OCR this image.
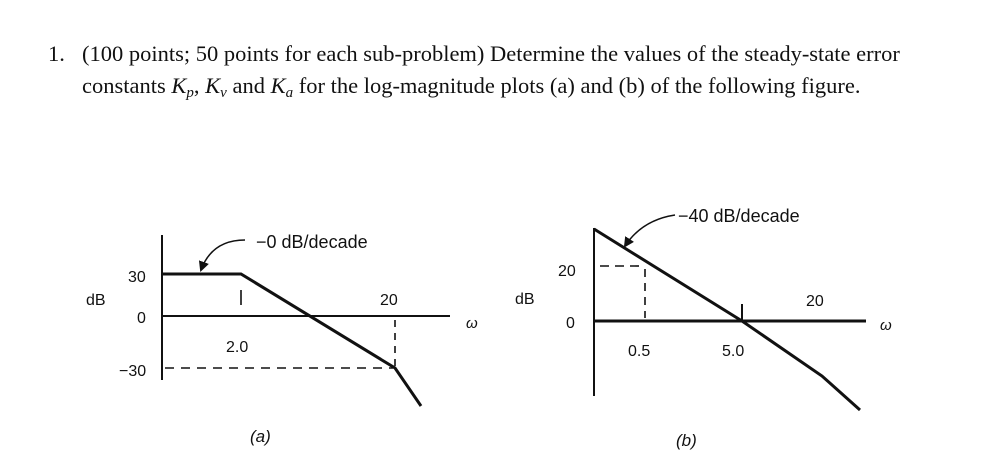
1. (100 points; 50 points for each sub-problem) Determine the values of the steady-state error constants $K_p$, $K_v$ and $K_a$ for the log-magnitude plots (a) and (b) of the following figure.
−0 dB/decade
dB
30
0
−30
2.0
20
ω
(a)
−40 dB/decade
dB
20
0
0.5	5.0
20
ω
(b)
